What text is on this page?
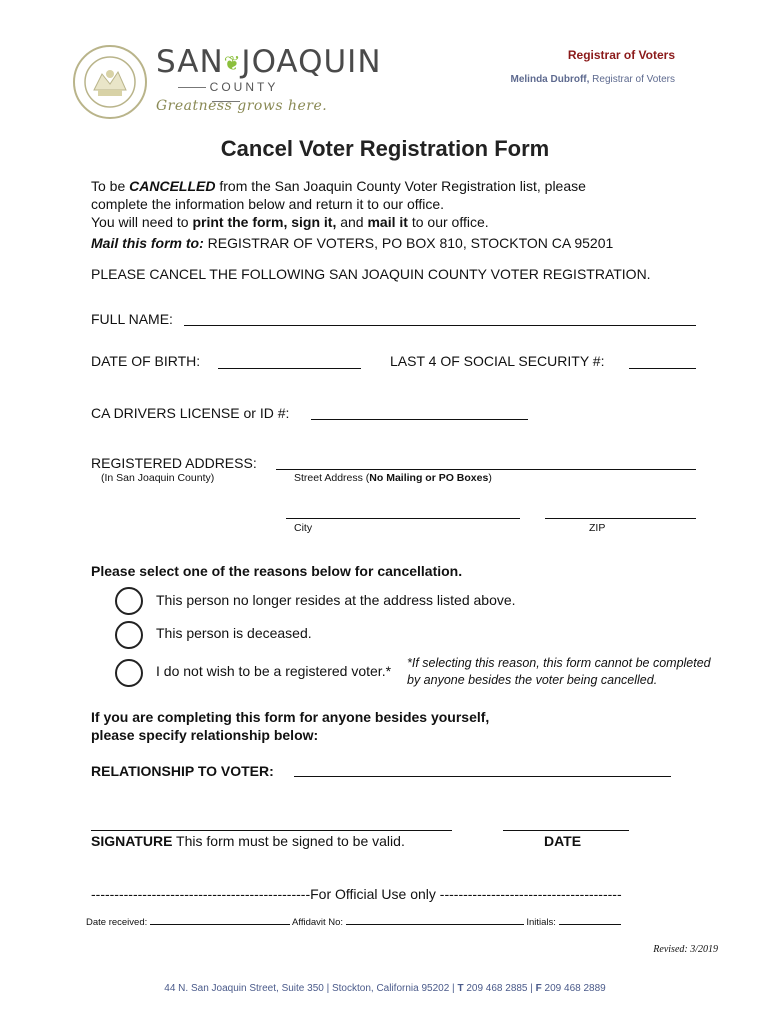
SAN❦JOAQUIN
COUNTY
Greatness grows here.
Registrar of Voters
Melinda Dubroff, Registrar of Voters
Cancel Voter Registration Form
To be CANCELLED from the San Joaquin County Voter Registration list, please
complete the information below and return it to our office.
You will need to print the form, sign it, and mail it to our office.
Mail this form to: REGISTRAR OF VOTERS, PO BOX 810, STOCKTON CA 95201
PLEASE CANCEL THE FOLLOWING SAN JOAQUIN COUNTY VOTER REGISTRATION.
FULL NAME:
DATE OF BIRTH:	LAST 4 OF SOCIAL SECURITY #:
CA DRIVERS LICENSE or ID #:
REGISTERED ADDRESS:
(In San Joaquin County)	Street Address (No Mailing or PO Boxes)
City	ZIP
Please select one of the reasons below for cancellation.
This person no longer resides at the address listed above.
This person is deceased.
I do not wish to be a registered voter.* *If selecting this reason, this form cannot be completed
by anyone besides the voter being cancelled.
If you are completing this form for anyone besides yourself,
please specify relationship below:
RELATIONSHIP TO VOTER:
SIGNATURE This form must be signed to be valid.	DATE
-----------------------------------------------For Official Use only ---------------------------------------
Date received:	Affidavit No:	Initials:
Revised: 3/2019
44 N. San Joaquin Street, Suite 350 | Stockton, California 95202 | T 209 468 2885 | F 209 468 2889
